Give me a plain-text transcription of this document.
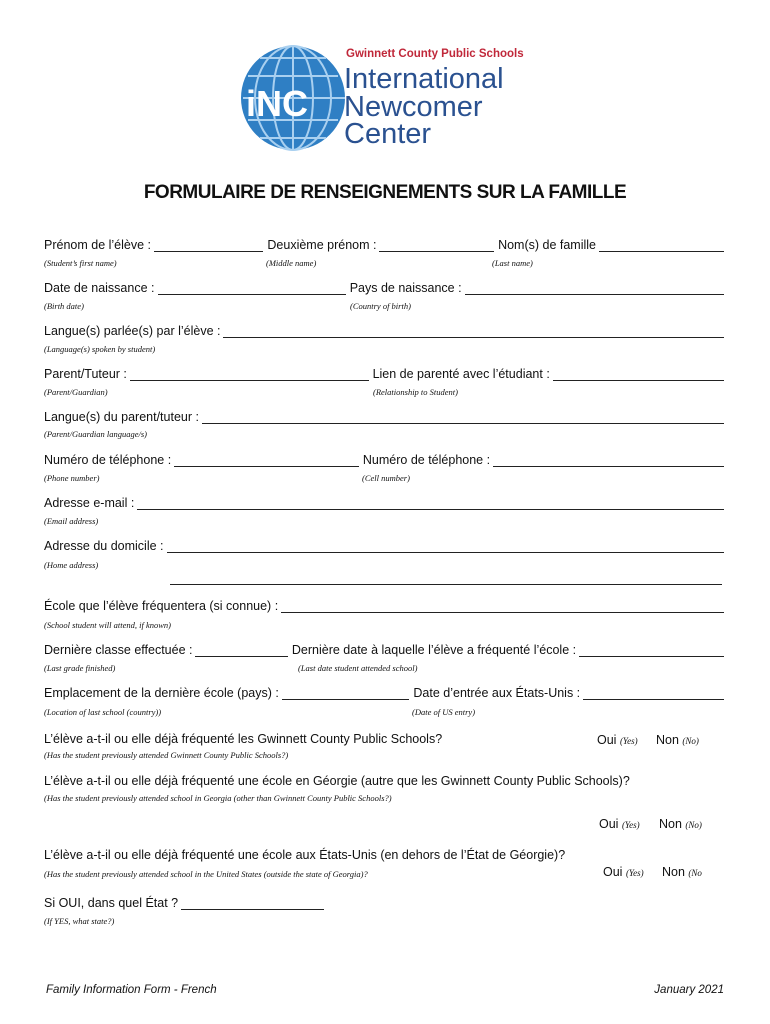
iNC
Gwinnett County Public Schools
International
Newcomer
Center
FORMULAIRE DE RENSEIGNEMENTS SUR LA FAMILLE
Prénom de l’élève :	Deuxième prénom :	Nom(s) de famille
(Student’s first name)	(Middle name)	(Last name)
Date de naissance :	Pays de naissance :
(Birth date)	(Country of birth)
Langue(s) parlée(s) par l’élève :
(Language(s) spoken by student)
Parent/Tuteur :	Lien de parenté avec l’étudiant :
(Parent/Guardian)	(Relationship to Student)
Langue(s) du parent/tuteur :
(Parent/Guardian language/s)
Numéro de téléphone :	Numéro de téléphone :
(Phone number)	(Cell number)
Adresse e-mail :
(Email address)
Adresse du domicile :
(Home address)
École que l’élève fréquentera (si connue) :
(School student will attend, if known)
Dernière classe effectuée :	Dernière date à laquelle l’élève a fréquenté l’école :
(Last grade finished)	(Last date student attended school)
Emplacement de la dernière école (pays) :	Date d’entrée aux États-Unis :
(Location of last school (country))	(Date of US entry)
L’élève a-t-il ou elle déjà fréquenté les Gwinnett County Public Schools?
(Has the student previously attended Gwinnett County Public Schools?)
Oui (Yes) Non (No)
L’élève a-t-il ou elle déjà fréquenté une école en Géorgie (autre que les Gwinnett County Public Schools)?
(Has the student previously attended school in Georgia (other than Gwinnett County Public Schools?)
Oui (Yes) Non (No)
L’élève a-t-il ou elle déjà fréquenté une école aux États-Unis (en dehors de l’État de Géorgie)?
(Has the student previously attended school in the United States (outside the state of Georgia)?	Oui (Yes) Non (No
Si OUI, dans quel État ?
(If YES, what state?)
Family Information Form - French	January 2021
